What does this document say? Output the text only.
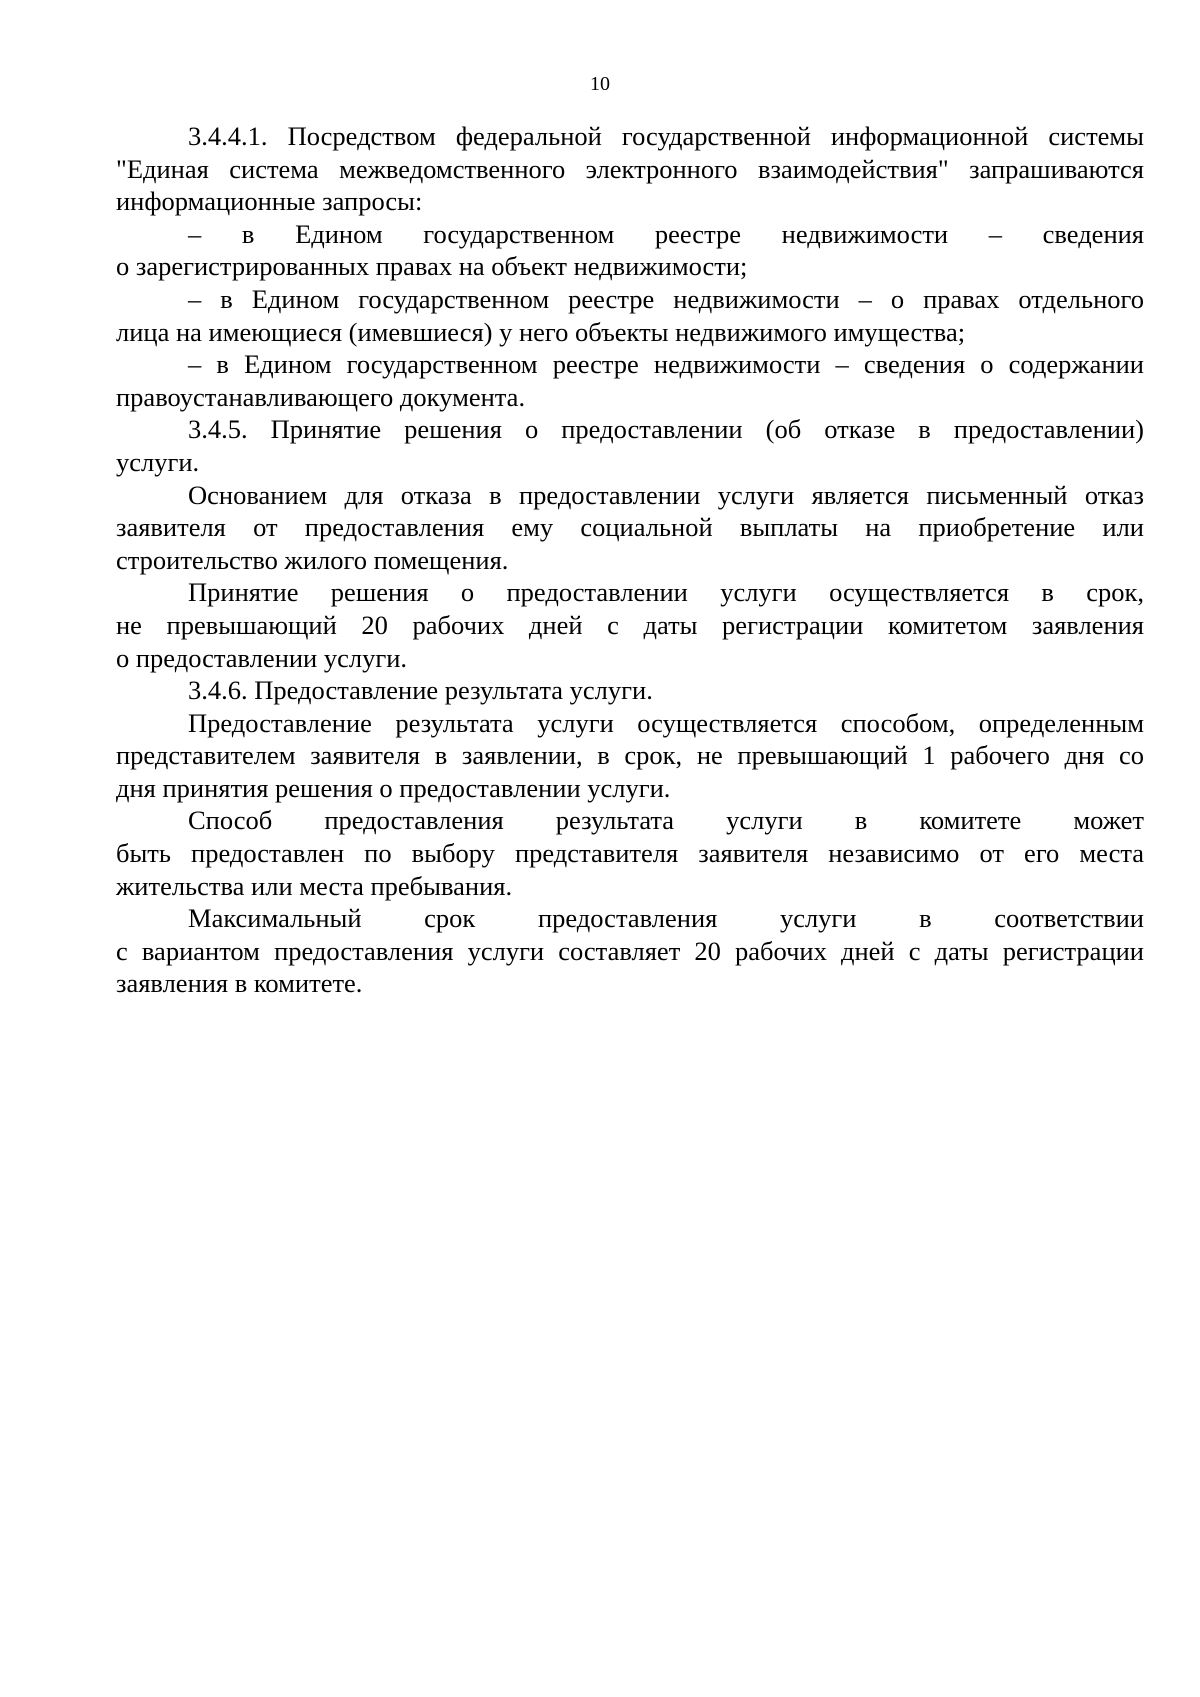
10
3.4.4.1. Посредством федеральной государственной информационной системы
"Единая система межведомственного электронного взаимодействия" запрашиваются
информационные запросы:
– в Едином государственном реестре недвижимости – сведения
о зарегистрированных правах на объект недвижимости;
– в Едином государственном реестре недвижимости – о правах отдельного
лица на имеющиеся (имевшиеся) у него объекты недвижимого имущества;
– в Едином государственном реестре недвижимости – сведения о содержании
правоустанавливающего документа.
3.4.5. Принятие решения о предоставлении (об отказе в предоставлении)
услуги.
Основанием для отказа в предоставлении услуги является письменный отказ
заявителя от предоставления ему социальной выплаты на приобретение или
строительство жилого помещения.
Принятие решения о предоставлении услуги осуществляется в срок,
не превышающий 20 рабочих дней с даты регистрации комитетом заявления
о предоставлении услуги.
3.4.6. Предоставление результата услуги.
Предоставление результата услуги осуществляется способом, определенным
представителем заявителя в заявлении, в срок, не превышающий 1 рабочего дня со
дня принятия решения о предоставлении услуги.
Способ предоставления результата услуги в комитете может
быть предоставлен по выбору представителя заявителя независимо от его места
жительства или места пребывания.
Максимальный срок предоставления услуги в соответствии
с вариантом предоставления услуги составляет 20 рабочих дней с даты регистрации
заявления в комитете.
